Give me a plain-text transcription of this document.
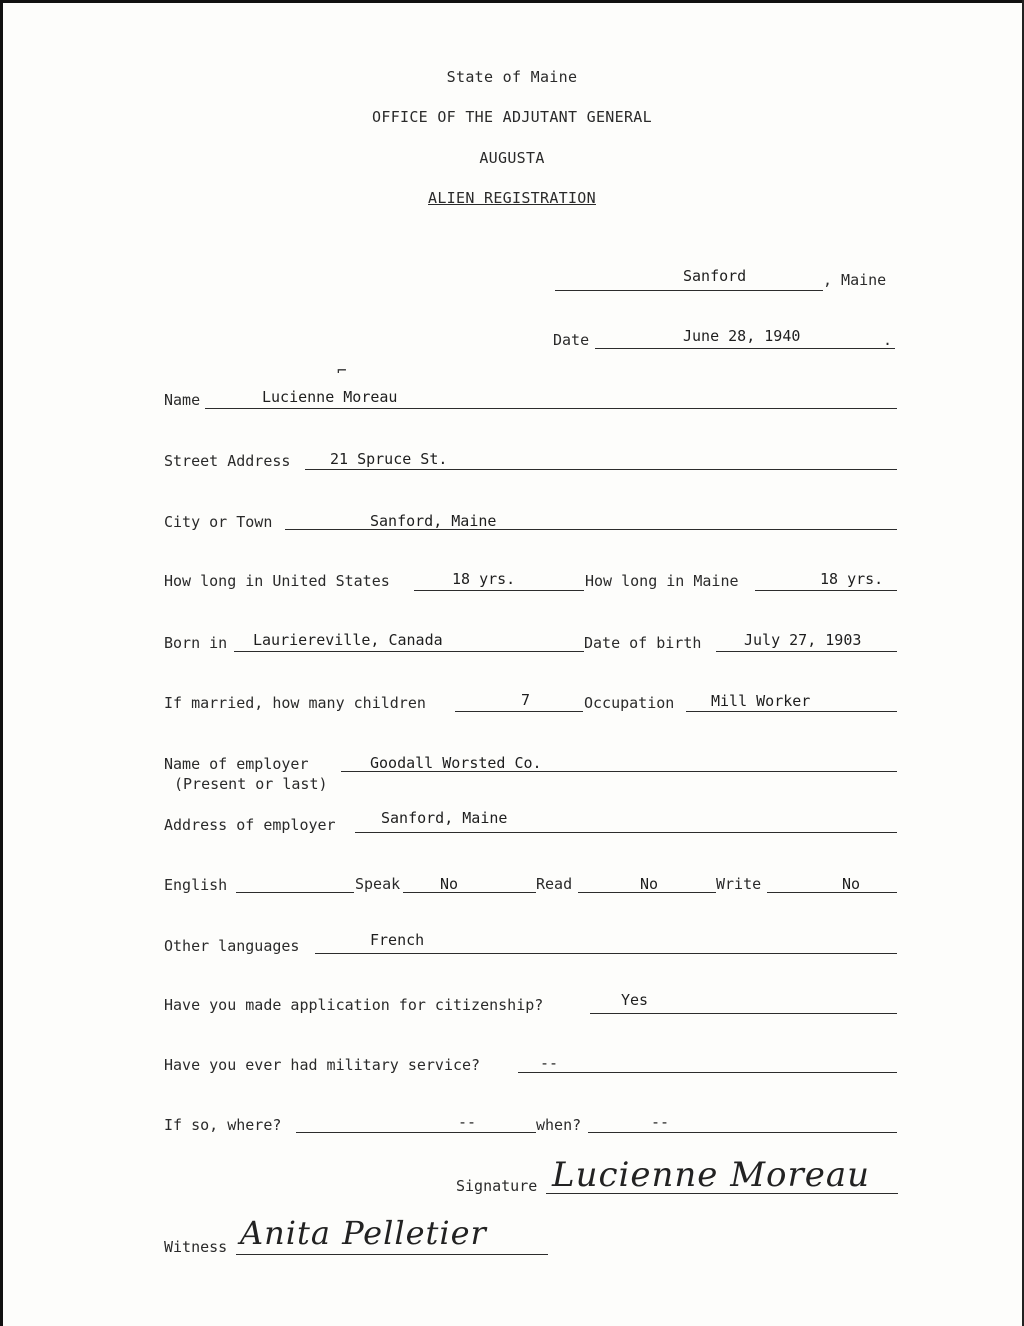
State of Maine
OFFICE OF THE ADJUTANT GENERAL
AUGUSTA
ALIEN REGISTRATION
Sanford	, Maine
Date	June 28, 1940	.
⌐
Name	Lucienne Moreau
Street Address	21 Spruce St.
City or Town	Sanford, Maine
How long in United States	18 yrs.	How long in Maine	18 yrs.
Born in Lauriereville, Canada	Date of birth	July 27, 1903
If married, how many children	7	Occupation Mill Worker
Name of employer	Goodall Worsted Co.
(Present or last)
Address of employer	Sanford, Maine
English	Speak	No	Read	No	Write	No
Other languages	French
Have you made application for citizenship?	Yes
Have you ever had military service?	--
If so, where?	--	when?	--
Signature Lucienne Moreau
Witness Anita Pelletier
